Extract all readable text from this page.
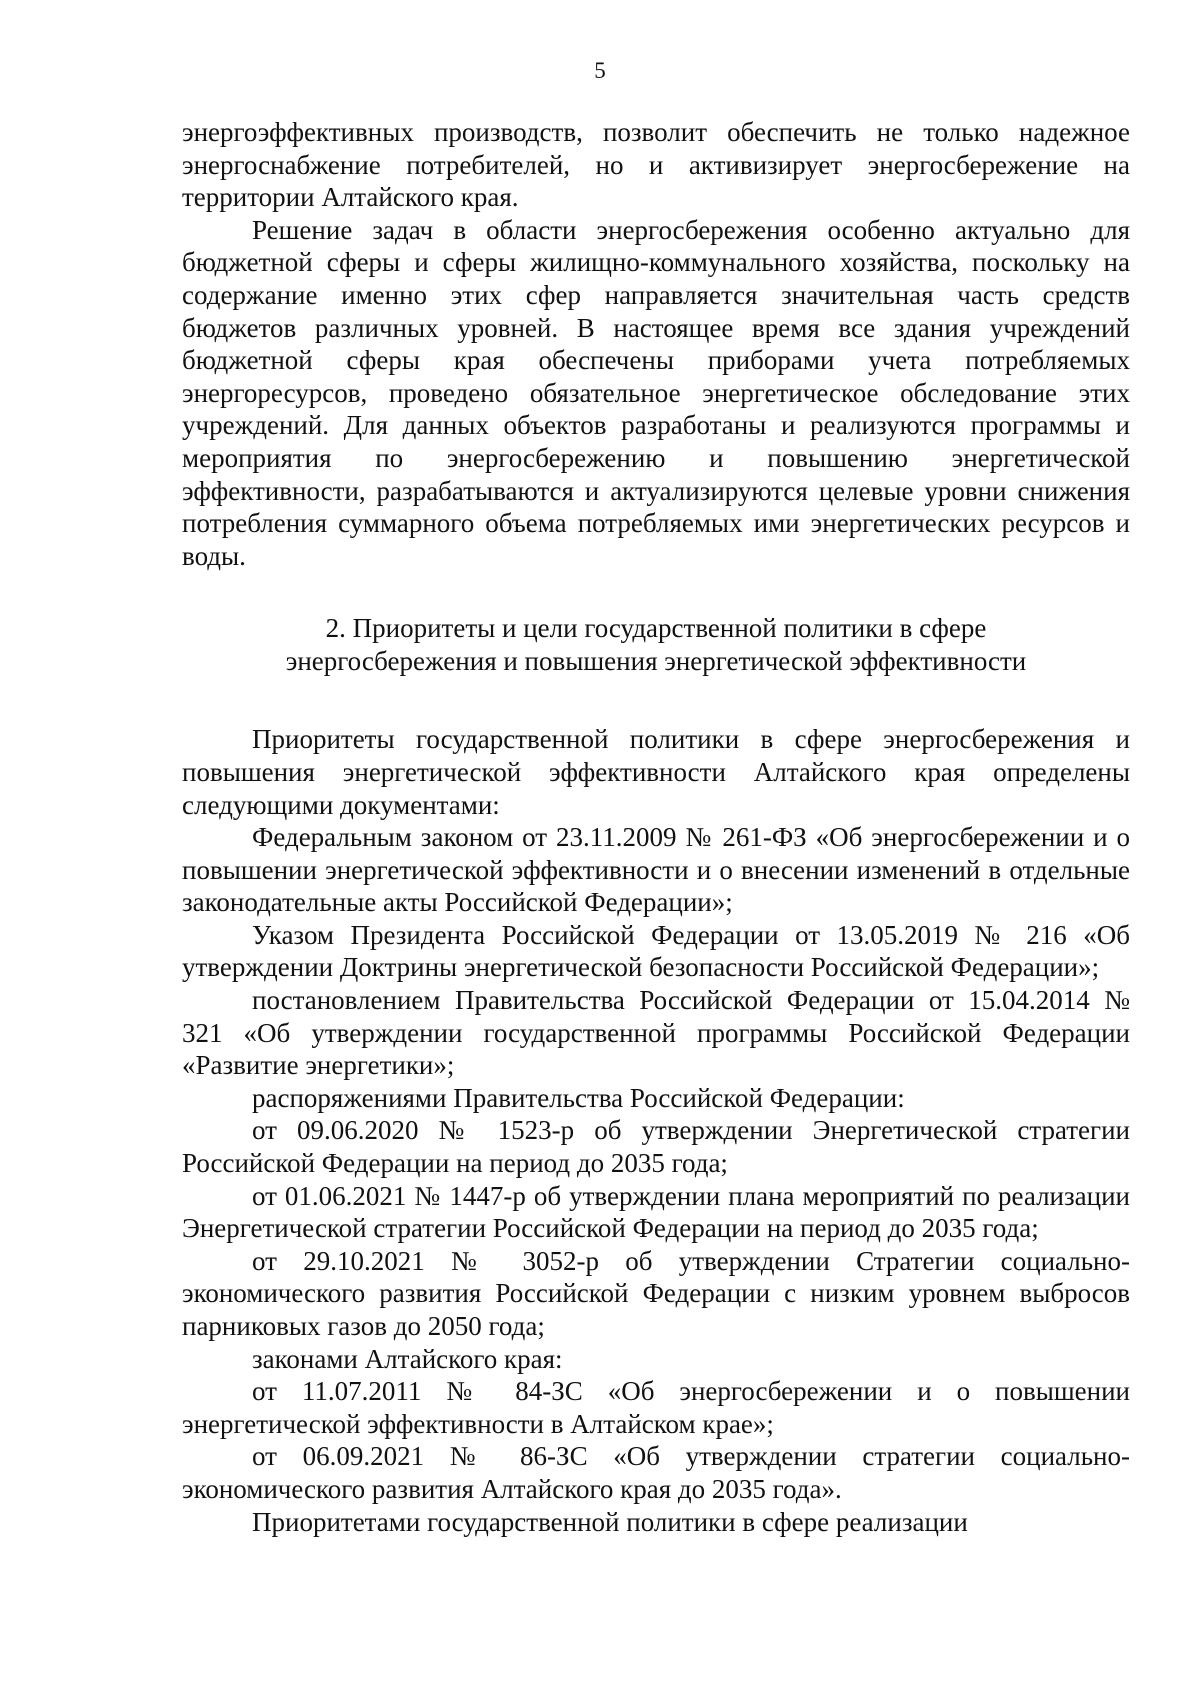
5

энергоэффективных производств, позволит обеспечить не только надежное энергоснабжение потребителей, но и активизирует энергосбережение на территории Алтайского края.

Решение задач в области энергосбережения особенно актуально для бюджетной сферы и сферы жилищно-коммунального хозяйства, поскольку на содержание именно этих сфер направляется значительная часть средств бюджетов различных уровней. В настоящее время все здания учреждений бюджетной сферы края обеспечены приборами учета потребляемых энергоресурсов, проведено обязательное энергетическое обследование этих учреждений. Для данных объектов разработаны и реализуются программы и мероприятия по энергосбережению и повышению энергетической эффективности, разрабатываются и актуализируются целевые уровни снижения потребления суммарного объема потребляемых ими энергетических ресурсов и воды.

2. Приоритеты и цели государственной политики в сфере
энергосбережения и повышения энергетической эффективности

Приоритеты государственной политики в сфере энергосбережения и повышения энергетической эффективности Алтайского края определены следующими документами:

Федеральным законом от 23.11.2009 № 261-ФЗ «Об энергосбережении и о повышении энергетической эффективности и о внесении изменений в отдельные законодательные акты Российской Федерации»;

Указом Президента Российской Федерации от 13.05.2019 № 216 «Об утверждении Доктрины энергетической безопасности Российской Федерации»;

постановлением Правительства Российской Федерации от 15.04.2014 № 321 «Об утверждении государственной программы Российской Федерации «Развитие энергетики»;

распоряжениями Правительства Российской Федерации:

от 09.06.2020 № 1523-р об утверждении Энергетической стратегии Российской Федерации на период до 2035 года;

от 01.06.2021 № 1447-р об утверждении плана мероприятий по реализации Энергетической стратегии Российской Федерации на период до 2035 года;

от 29.10.2021 № 3052-р об утверждении Стратегии социально-экономического развития Российской Федерации с низким уровнем выбросов парниковых газов до 2050 года;

законами Алтайского края:

от 11.07.2011 № 84-ЗС «Об энергосбережении и о повышении энергетической эффективности в Алтайском крае»;

от 06.09.2021 № 86-ЗС «Об утверждении стратегии социально-экономического развития Алтайского края до 2035 года».

Приоритетами государственной политики в сфере реализации
